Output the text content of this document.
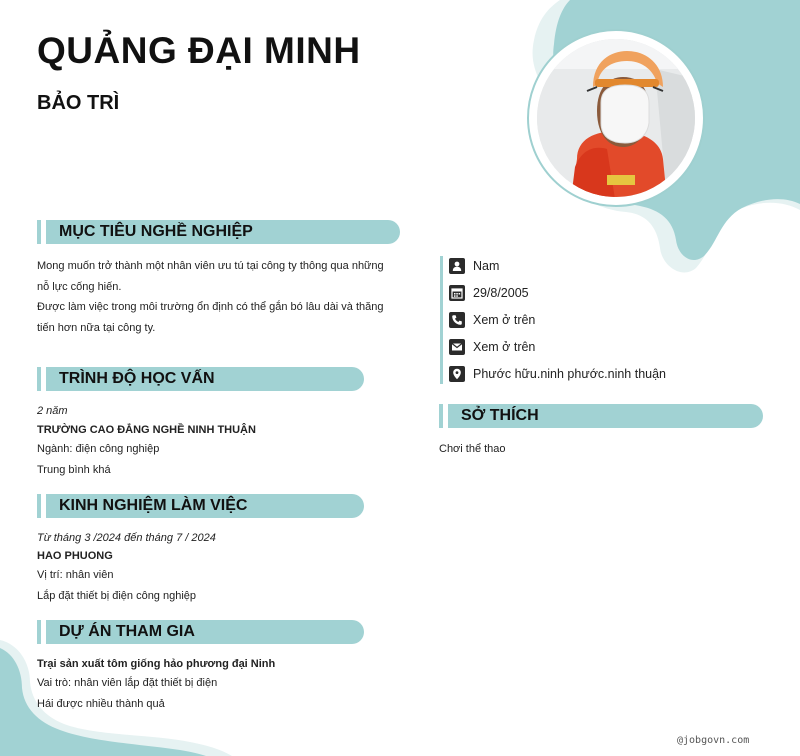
QUẢNG ĐẠI MINH
BẢO TRÌ
MỤC TIÊU NGHỀ NGHIỆP
Mong muốn trở thành một nhân viên ưu tú tại công ty thông qua những
nỗ lực cống hiến.
Được làm việc trong môi trường ổn định có thể gắn bó lâu dài và thăng
tiến hơn nữa tại công ty.
TRÌNH ĐỘ HỌC VẤN
2 năm
TRƯỜNG CAO ĐẲNG NGHỀ NINH THUẬN
Ngành: điện công nghiệp
Trung bình khá
KINH NGHIỆM LÀM VIỆC
Từ tháng 3 /2024 đến tháng 7 / 2024
HAO PHUONG
Vị trí: nhân viên
Lắp đặt thiết bị điện công nghiệp
DỰ ÁN THAM GIA
Trại sản xuất tôm giống hảo phương đại Ninh
Vai trò: nhân viên lắp đặt thiết bị điện
Hái được nhiều thành quả
Nam
29/8/2005
Xem ở trên
Xem ở trên
Phước hữu.ninh phước.ninh thuận
SỞ THÍCH
Chơi thể thao
@jobgovn.com
